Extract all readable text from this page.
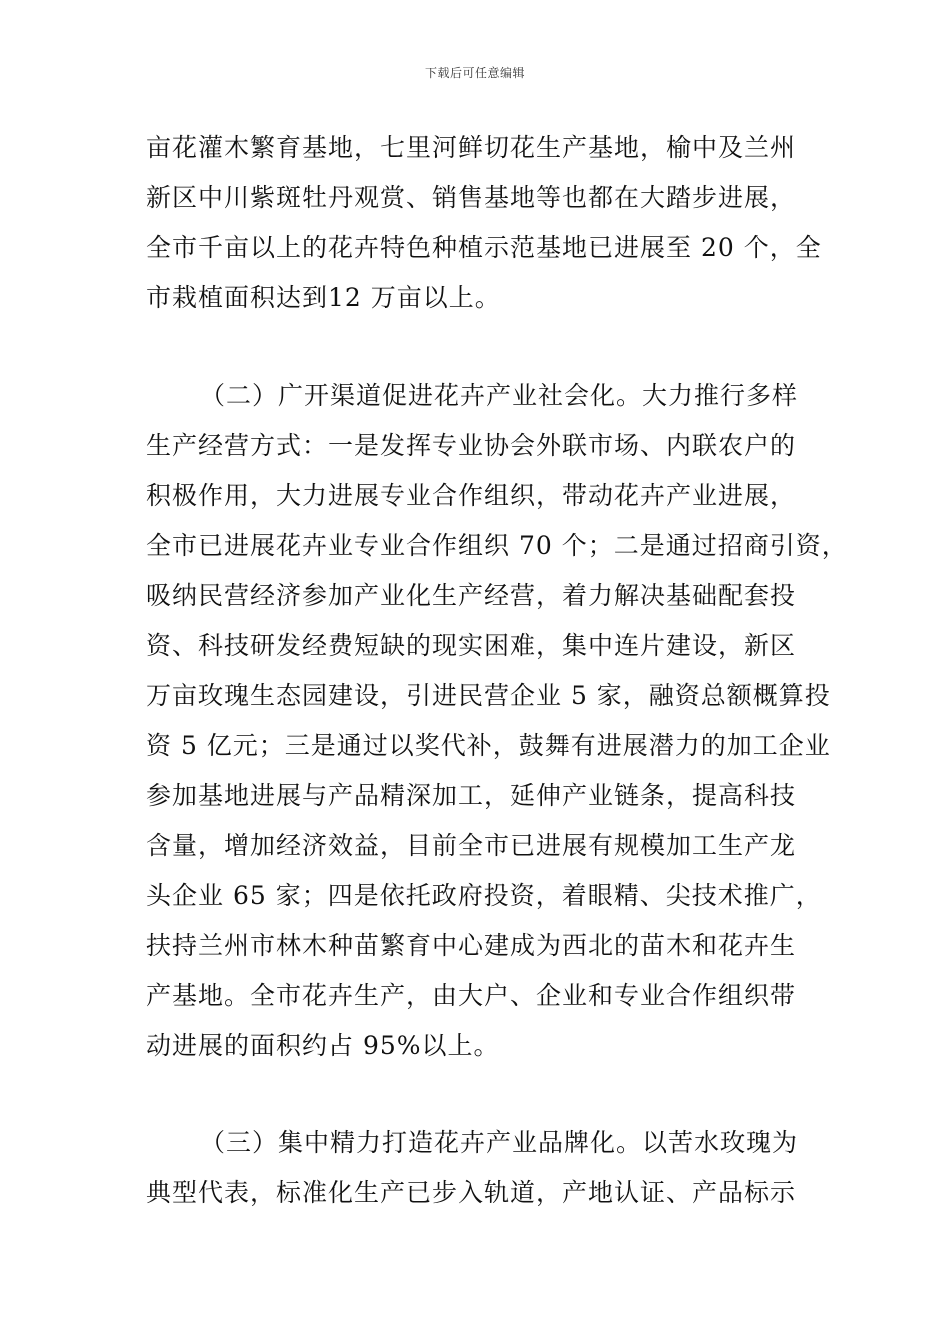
下载后可任意编辑
亩花灌木繁育基地，七里河鲜切花生产基地，榆中及兰州
新区中川紫斑牡丹观赏、销售基地等也都在大踏步进展，
全市千亩以上的花卉特色种植示范基地已进展至 20 个，全
市栽植面积达到12 万亩以上。
（二）广开渠道促进花卉产业社会化。大力推行多样
生产经营方式：一是发挥专业协会外联市场、内联农户的
积极作用，大力进展专业合作组织，带动花卉产业进展，
全市已进展花卉业专业合作组织 70 个；二是通过招商引资，
吸纳民营经济参加产业化生产经营，着力解决基础配套投
资、科技研发经费短缺的现实困难，集中连片建设，新区
万亩玫瑰生态园建设，引进民营企业 5 家，融资总额概算投
资 5 亿元；三是通过以奖代补，鼓舞有进展潜力的加工企业
参加基地进展与产品精深加工，延伸产业链条，提高科技
含量，增加经济效益，目前全市已进展有规模加工生产龙
头企业 65 家；四是依托政府投资，着眼精、尖技术推广，
扶持兰州市林木种苗繁育中心建成为西北的苗木和花卉生
产基地。全市花卉生产，由大户、企业和专业合作组织带
动进展的面积约占 95%以上。
（三）集中精力打造花卉产业品牌化。以苦水玫瑰为
典型代表，标准化生产已步入轨道，产地认证、产品标示
